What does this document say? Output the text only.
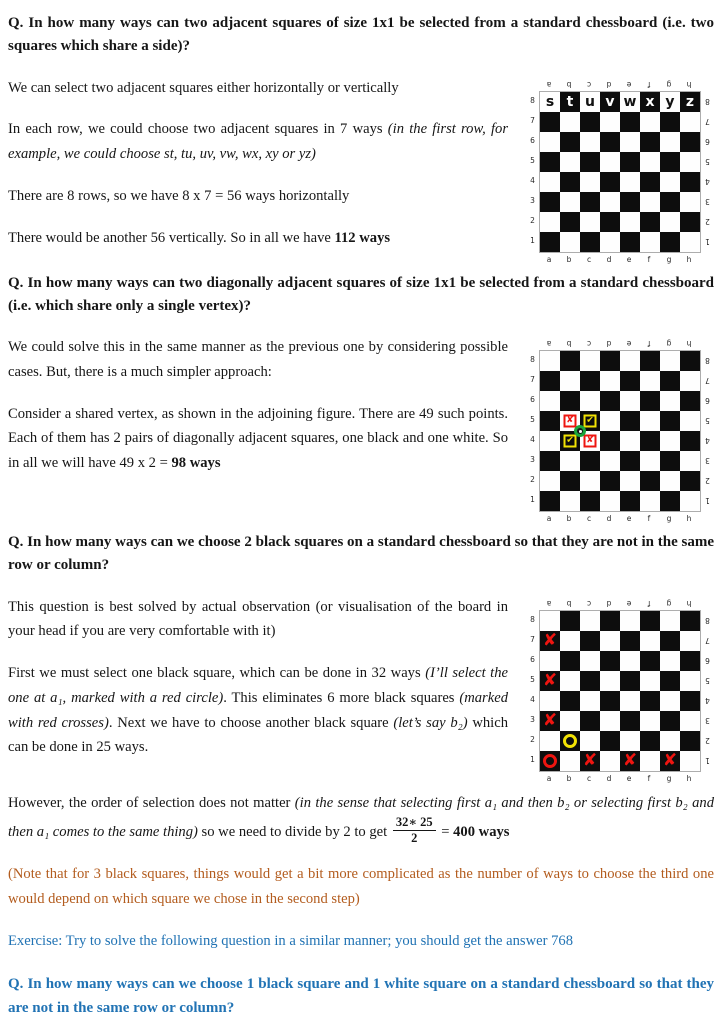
Q. In how many ways can two adjacent squares of size 1x1 be selected from a standard chessboard (i.e. two squares which share a side)?
a	b	c	d	e	f	g	h
8
7
6
5
4
3
2
1
s t u v w x y z	8
7
6
5
4
3
2
1
a	b	c	d	e	f	g	h

We can select two adjacent squares either horizontally or vertically

In each row, we could choose two adjacent squares in 7 ways (in the first row, for example, we could choose st, tu, uv, vw, wx, xy or yz)

There are 8 rows, so we have 8 x 7 = 56 ways horizontally

There would be another 56 vertically. So in all we have 112 ways

Q. In how many ways can two diagonally adjacent squares of size 1x1 be selected from a standard chessboard (i.e. which share only a single vertex)?
a	b	c	d	e	f	g	h
8
7
6
5
4
3
2
1
✘	✔
✔	✘
8
7
6
5
4
3
2
1
a	b	c	d	e	f	g	h

We could solve this in the same manner as the previous one by considering possible cases. But, there is a much simpler approach:

Consider a shared vertex, as shown in the adjoining figure. There are 49 such points. Each of them has 2 pairs of diagonally adjacent squares, one black and one white. So in all we will have 49 x 2 = 98 ways

Q. In how many ways can we choose 2 black squares on a standard chessboard so that they are not in the same row or column?
a	b	c	d	e	f	g	h
8
7
6
5
4
3
2
1
✘
✘
✘
✘ ✘ ✘
8
7
6
5
4
3
2
1
a	b	c	d	e	f	g	h

This question is best solved by actual observation (or visualisation of the board in your head if you are very comfortable with it)

First we must select one black square, which can be done in 32 ways (I’ll select the one at a₁, marked with a red circle). This eliminates 6 more black squares (marked with red crosses). Next we have to choose another black square (let’s say b₂) which can be done in 25 ways.

However, the order of selection does not matter (in the sense that selecting first a₁ and then b₂ or selecting first b₂ and then a₁ comes to the same thing) so we need to divide by 2 to get $\frac{32∗ 25}{2} = 400$ ways

(Note that for 3 black squares, things would get a bit more complicated as the number of ways to choose the third one would depend on which square we chose in the second step)

Exercise: Try to solve the following question in a similar manner; you should get the answer 768

Q. In how many ways can we choose 1 black square and 1 white square on a standard chessboard so that they are not in the same row or column?
